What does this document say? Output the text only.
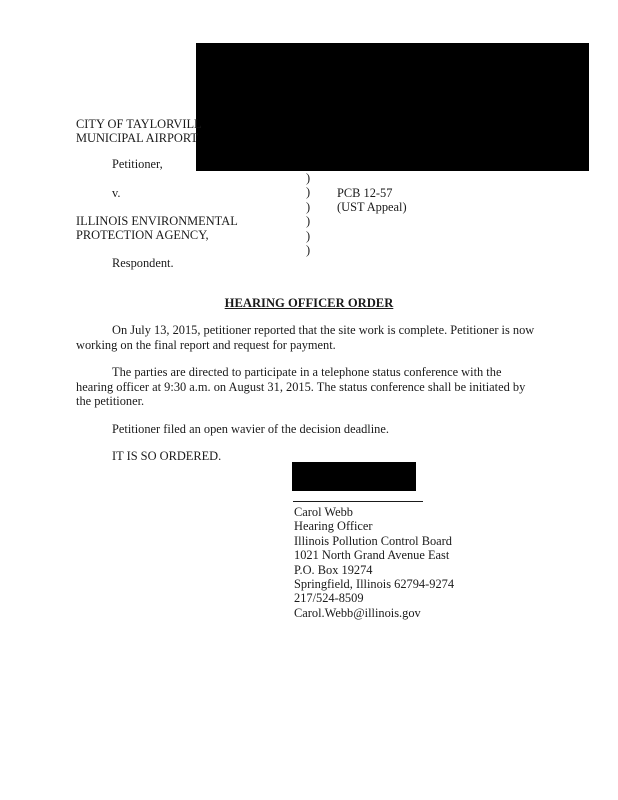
CITY OF TAYLORVILL
MUNICIPAL AIRPORT
Petitioner,
v.
ILLINOIS ENVIRONMENTAL
PROTECTION AGENCY,
Respondent.
)
)
)
)
)
)
PCB 12-57
(UST Appeal)
HEARING OFFICER ORDER
On July 13, 2015, petitioner reported that the site work is complete. Petitioner is now working on the final report and request for payment.
The parties are directed to participate in a telephone status conference with the hearing officer at 9:30 a.m. on August 31, 2015. The status conference shall be initiated by the petitioner.
Petitioner filed an open wavier of the decision deadline.
IT IS SO ORDERED.
Carol Webb
Hearing Officer
Illinois Pollution Control Board
1021 North Grand Avenue East
P.O. Box 19274
Springfield, Illinois 62794-9274
217/524-8509
Carol.Webb@illinois.gov
